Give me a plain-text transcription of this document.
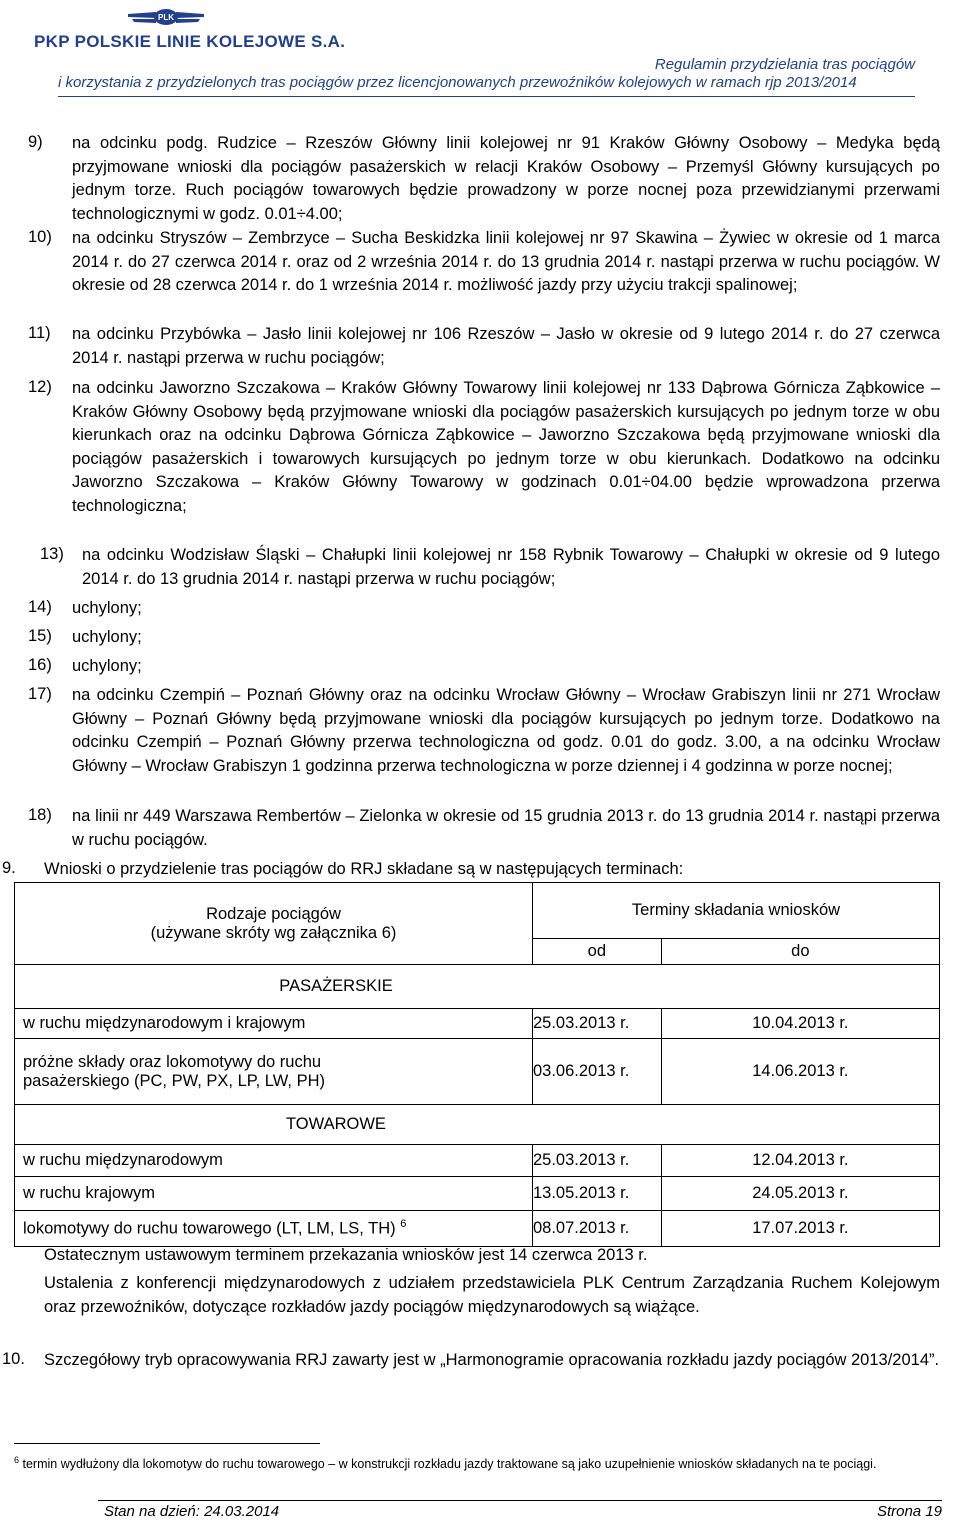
PLK
PKP POLSKIE LINIE KOLEJOWE S.A.
Regulamin przydzielania tras pociągów
i korzystania z przydzielonych tras pociągów przez licencjonowanych przewoźników kolejowych w ramach rjp 2013/2014
9) na odcinku podg. Rudzice – Rzeszów Główny linii kolejowej nr 91 Kraków Główny Osobowy – Medyka będą przyjmowane wnioski dla pociągów pasażerskich w relacji Kraków Osobowy – Przemyśl Główny kursujących po jednym torze. Ruch pociągów towarowych będzie prowadzony w porze nocnej poza przewidzianymi przerwami technologicznymi w godz. 0.01÷4.00;
10) na odcinku Stryszów – Zembrzyce – Sucha Beskidzka linii kolejowej nr 97 Skawina – Żywiec w okresie od 1 marca 2014 r. do 27 czerwca 2014 r. oraz od 2 września 2014 r. do 13 grudnia 2014 r. nastąpi przerwa w ruchu pociągów. W okresie od 28 czerwca 2014 r. do 1 września 2014 r. możliwość jazdy przy użyciu trakcji spalinowej;
11) na odcinku Przybówka – Jasło linii kolejowej nr 106 Rzeszów – Jasło w okresie od 9 lutego 2014 r. do 27 czerwca 2014 r. nastąpi przerwa w ruchu pociągów;
12) na odcinku Jaworzno Szczakowa – Kraków Główny Towarowy linii kolejowej nr 133 Dąbrowa Górnicza Ząbkowice – Kraków Główny Osobowy będą przyjmowane wnioski dla pociągów pasażerskich kursujących po jednym torze w obu kierunkach oraz na odcinku Dąbrowa Górnicza Ząbkowice – Jaworzno Szczakowa będą przyjmowane wnioski dla pociągów pasażerskich i towarowych kursujących po jednym torze w obu kierunkach. Dodatkowo na odcinku Jaworzno Szczakowa – Kraków Główny Towarowy w godzinach 0.01÷04.00 będzie wprowadzona przerwa technologiczna;
13) na odcinku Wodzisław Śląski – Chałupki linii kolejowej nr 158 Rybnik Towarowy – Chałupki w okresie od 9 lutego 2014 r. do 13 grudnia 2014 r. nastąpi przerwa w ruchu pociągów;
14) uchylony;
15) uchylony;
16) uchylony;
17) na odcinku Czempiń – Poznań Główny oraz na odcinku Wrocław Główny – Wrocław Grabiszyn linii nr 271 Wrocław Główny – Poznań Główny będą przyjmowane wnioski dla pociągów kursujących po jednym torze. Dodatkowo na odcinku Czempiń – Poznań Główny przerwa technologiczna od godz. 0.01 do godz. 3.00, a na odcinku Wrocław Główny – Wrocław Grabiszyn 1 godzinna przerwa technologiczna w porze dziennej i 4 godzinna w porze nocnej;
18) na linii nr 449 Warszawa Rembertów – Zielonka w okresie od 15 grudnia 2013 r. do 13 grudnia 2014 r. nastąpi przerwa w ruchu pociągów.
9. Wnioski o przydzielenie tras pociągów do RRJ składane są w następujących terminach:
Rodzaje pociągów
(używane skróty wg załącznika 6)	Terminy składania wniosków	
	od	do
PASAŻERSKIE		
w ruchu międzynarodowym i krajowym	25.03.2013 r.	10.04.2013 r.

próżne składy oraz lokomotywy do ruchu
pasażerskiego (PC, PW, PX, LP, LW, PH)	03.06.2013 r.	14.06.2013 r.
TOWAROWE		
w ruchu międzynarodowym	25.03.2013 r.	12.04.2013 r.
w ruchu krajowym	13.05.2013 r.	24.05.2013 r.
lokomotywy do ruchu towarowego (LT, LM, LS, TH) $^6$	08.07.2013 r.	17.07.2013 r.
Ostatecznym ustawowym terminem przekazania wniosków jest 14 czerwca 2013 r.
Ustalenia z konferencji międzynarodowych z udziałem przedstawiciela PLK Centrum Zarządzania Ruchem Kolejowym oraz przewoźników, dotyczące rozkładów jazdy pociągów międzynarodowych są wiążące.
10. Szczegółowy tryb opracowywania RRJ zawarty jest w „Harmonogramie opracowania rozkładu jazdy pociągów 2013/2014”.
$^6$ termin wydłużony dla lokomotyw do ruchu towarowego – w konstrukcji rozkładu jazdy traktowane są jako uzupełnienie wniosków składanych na te pociągi.
Stan na dzień: 24.03.2014	Strona 19
